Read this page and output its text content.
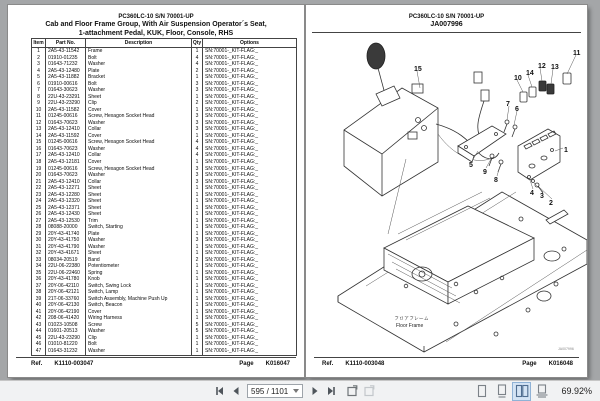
PC360LC-10 S/N 70001-UP
Cab and Floor Frame Group, With Air Suspension Operator´s Seat,
1-attachment Pedal, KUK, Floor, Console, RHS
Item	Part No.	Description	Qty	Options
1	2A5-43-11542	Frame	1	SN:70001-_KIT-FLAG:_
2	01910-01235	Bolt	4	SN:70001-_KIT-FLAG:_
3	01643-71232	Washer	4	SN:70001-_KIT-FLAG:_
4	2A5-43-12480	Plate	2	SN:70001-_KIT-FLAG:_
5	2A5-43-11882	Bracket	1	SN:70001-_KIT-FLAG:_
6	01910-00616	Bolt	3	SN:70001-_KIT-FLAG:_
7	01643-30623	Washer	3	SN:70001-_KIT-FLAG:_
8	22U-43-23291	Sheet	1	SN:70001-_KIT-FLAG:_
9	22U-43-23290	Clip	2	SN:70001-_KIT-FLAG:_
10	2A5-43-11582	Cover	1	SN:70001-_KIT-FLAG:_
11	01245-00616	Screw, Hexagon Socket Head	3	SN:70001-_KIT-FLAG:_
12	01643-70623	Washer	3	SN:70001-_KIT-FLAG:_
13	2A5-43-12410	Collar	3	SN:70001-_KIT-FLAG:_
14	2A5-43-11592	Cover	1	SN:70001-_KIT-FLAG:_
15	01245-00616	Screw, Hexagon Socket Head	4	SN:70001-_KIT-FLAG:_
16	01643-70623	Washer	4	SN:70001-_KIT-FLAG:_
17	2A5-43-12410	Collar	4	SN:70001-_KIT-FLAG:_
18	2A5-43-12181	Cover	1	SN:70001-_KIT-FLAG:_
19	01245-00616	Screw, Hexagon Socket Head	3	SN:70001-_KIT-FLAG:_
20	01643-70623	Washer	3	SN:70001-_KIT-FLAG:_
21	2A5-43-12410	Collar	3	SN:70001-_KIT-FLAG:_
22	2A5-43-12271	Sheet	1	SN:70001-_KIT-FLAG:_
23	2A5-43-12280	Sheet	1	SN:70001-_KIT-FLAG:_
24	2A5-43-12320	Sheet	1	SN:70001-_KIT-FLAG:_
25	2A5-43-12371	Sheet	1	SN:70001-_KIT-FLAG:_
26	2A5-43-12430	Sheet	1	SN:70001-_KIT-FLAG:_
27	2A5-43-12530	Trim	1	SN:70001-_KIT-FLAG:_
28	08088-20000	Switch, Starting	1	SN:70001-_KIT-FLAG:_
29	20Y-43-41740	Plate	1	SN:70001-_KIT-FLAG:_
30	20Y-43-41750	Washer	3	SN:70001-_KIT-FLAG:_
31	20Y-43-41790	Washer	1	SN:70001-_KIT-FLAG:_
32	20Y-43-41671	Sheet	1	SN:70001-_KIT-FLAG:_
33	08034-20519	Band	2	SN:70001-_KIT-FLAG:_
34	22U-06-22380	Potentiometer	1	SN:70001-_KIT-FLAG:_
35	22U-06-22460	Spring	1	SN:70001-_KIT-FLAG:_
36	20Y-43-41780	Knob	1	SN:70001-_KIT-FLAG:_
37	20Y-06-42110	Switch, Swing Lock	1	SN:70001-_KIT-FLAG:_
38	20Y-06-42121	Switch, Lamp	1	SN:70001-_KIT-FLAG:_
39	21T-06-33760	Switch Assembly, Machine Push Up	1	SN:70001-_KIT-FLAG:_
40	20Y-06-42130	Switch, Beacon	1	SN:70001-_KIT-FLAG:_
41	20Y-06-42190	Cover	1	SN:70001-_KIT-FLAG:_
42	208-06-41420	Wiring Harness	1	SN:70001-_KIT-FLAG:_
43	01023-10508	Screw	5	SN:70001-_KIT-FLAG:_
44	01601-20513	Washer	5	SN:70001-_KIT-FLAG:_
45	22U-43-23290	Clip	1	SN:70001-_KIT-FLAG:_
46	01010-81220	Bolt	1	SN:70001-_KIT-FLAG:_
47	01643-31232	Washer	1	SN:70001-_KIT-FLAG:_

Ref. K1110-003047	Page K016047
PC360LC-10 S/N 70001-UP
JA007996
15
10
14
12 13
11
7
6
5
9
8
1
4 3
2
フロアフレーム
Floor Frame
JA007996
Ref. K1110-003048	Page K016048
595 / 1101	69.92%
